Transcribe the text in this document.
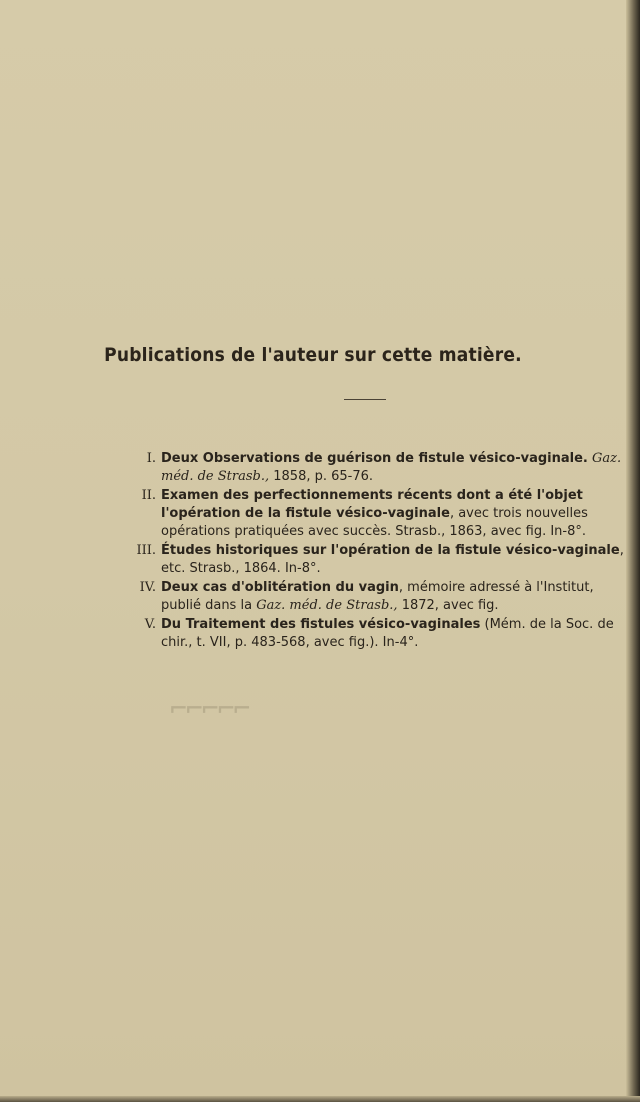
Publications de l'auteur sur cette matière.
I. Deux Observations de guérison de fistule vésico-vaginale. Gaz. méd. de Strasb., 1858, p. 65-76.
II. Examen des perfectionnements récents dont a été l'objet l'opération de la fistule vésico-vaginale, avec trois nouvelles opérations pratiquées avec succès. Strasb., 1863, avec fig. In-8°.
III. Études historiques sur l'opération de la fistule vésico-vaginale, etc. Strasb., 1864. In-8°.
IV. Deux cas d'oblitération du vagin, mémoire adressé à l'Institut, publié dans la Gaz. méd. de Strasb., 1872, avec fig.
V. Du Traitement des fistules vésico-vaginales (Mém. de la Soc. de chir., t. VII, p. 483-568, avec fig.). In-4°.
⌐⌐⌐⌐⌐
